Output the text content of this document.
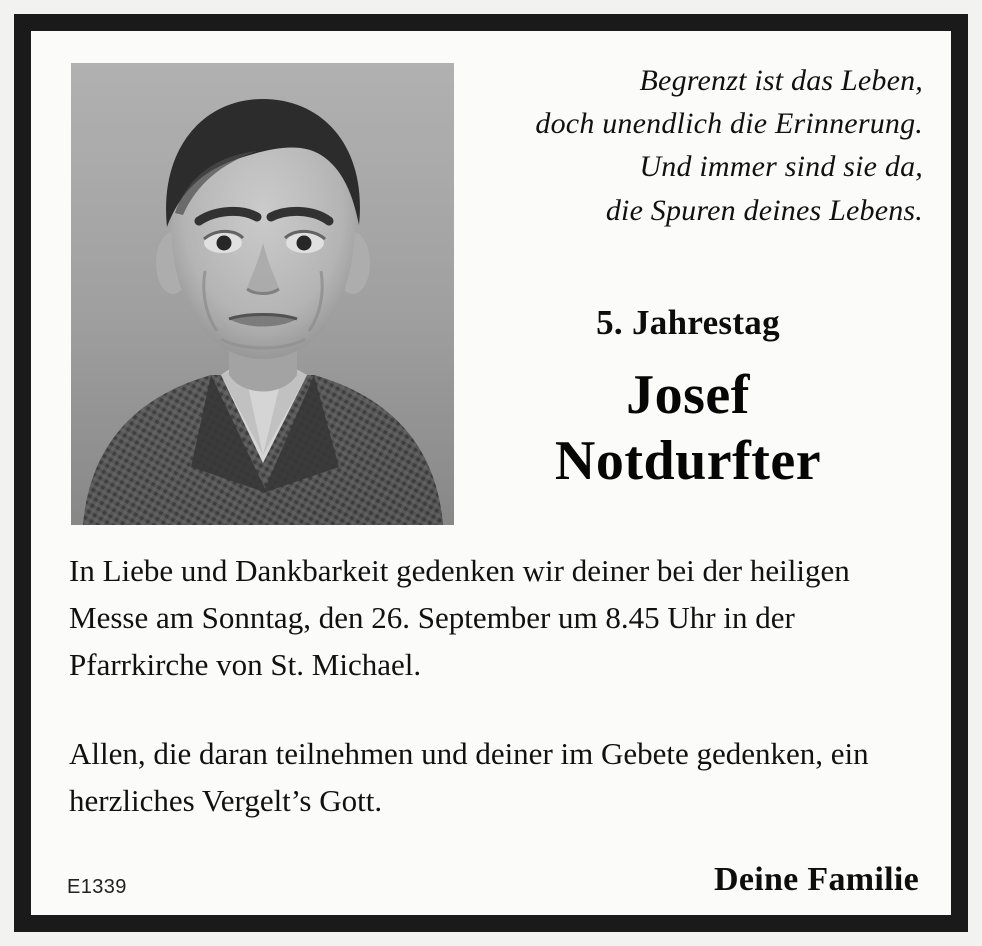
Begrenzt ist das Leben,
doch unendlich die Erinnerung.
Und immer sind sie da,
die Spuren deines Lebens.
5. Jahrestag
Josef
Notdurfter

In Liebe und Dankbarkeit gedenken wir deiner bei der heiligen Messe am Sonntag, den 26. September um 8.45 Uhr in der Pfarrkirche von St. Michael.

Allen, die daran teilnehmen und deiner im Gebete gedenken, ein herzliches Vergelt’s Gott.

E1339	Deine Familie
